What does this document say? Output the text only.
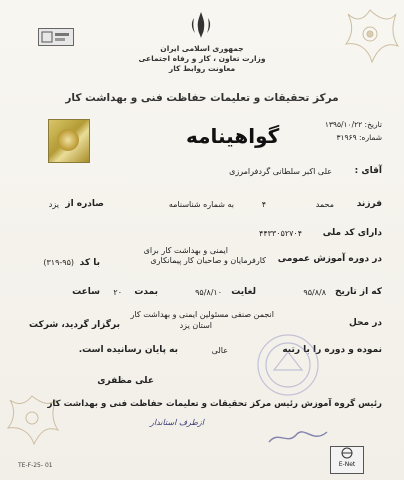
جمهوری اسلامی ایران
وزارت تعاون ، کار و رفاه اجتماعی
معاونت روابط کار
مرکز تحقیقات و تعلیمات حفاظت فنی و بهداشت کار
تاریخ: ۱۳۹۵/۱۰/۲۲
شماره: ۳۱۹۶۹
گواهینامه
آقای :
علی اکبر سلطانی گردفرامرزی
فرزند
محمد
۴
به شماره شناسنامه
صادره از
یزد
دارای کد ملی
۴۴۳۳۰۵۲۷۰۴
ایمنی و بهداشت کار برای
در دوره آموزش عمومی
کارفرمایان و صاحبان کار پیمانکاری
که از تاریخ
۹۵/۸/۸
لغایت
۹۵/۸/۱۰
بمدت
۲۰
ساعت
با کد
(۳۱۹-۹۵)
انجمن صنفی مسئولین ایمنی و بهداشت کار
در محل
استان یزد
برگزار گردید، شرکت
نموده و دوره را با رتبه
عالی
به پایان رسانیده است.
علی مظفری
رئیس گروه آموزش رئیس مرکز تحقیقات و تعلیمات حفاظت فنی و بهداشت کار
ازطرف استاندار
TE-F-25- 01	E-Net
